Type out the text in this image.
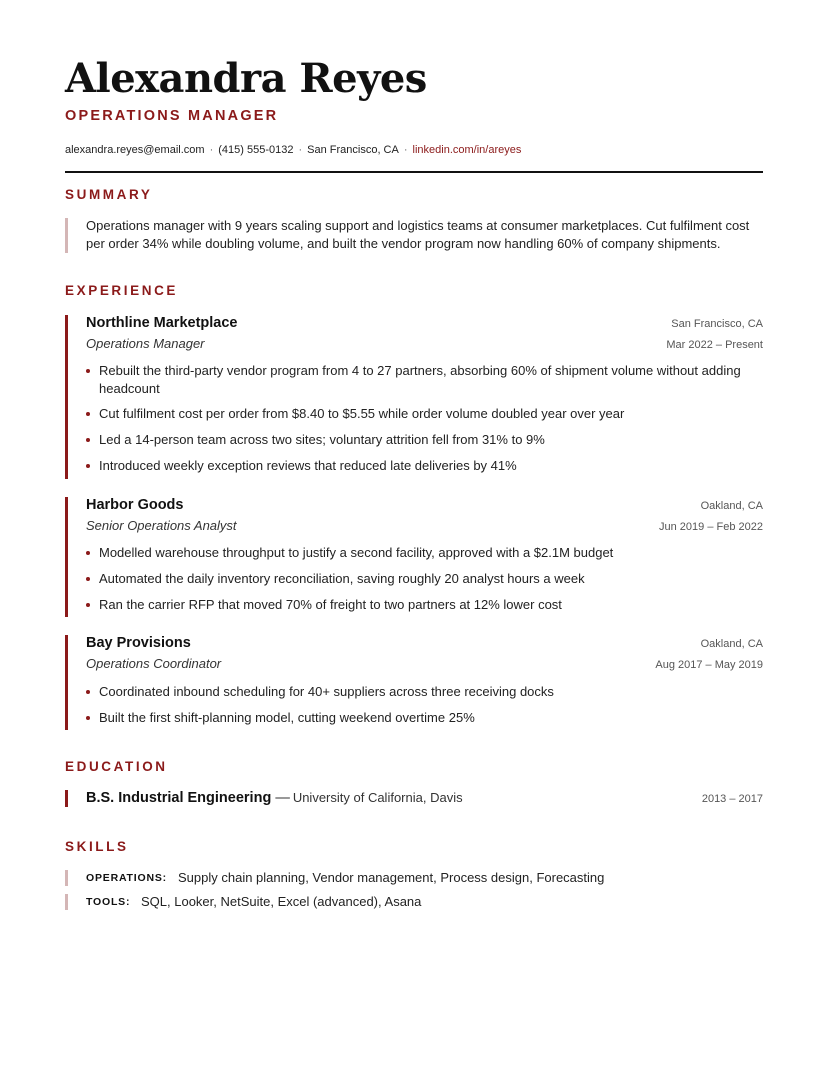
Alexandra Reyes
OPERATIONS MANAGER
alexandra.reyes@email.com · (415) 555-0132 · San Francisco, CA · linkedin.com/in/areyes
SUMMARY
Operations manager with 9 years scaling support and logistics teams at consumer marketplaces. Cut fulfilment cost per order 34% while doubling volume, and built the vendor program now handling 60% of company shipments.
EXPERIENCE
Northline Marketplace	San Francisco, CA
Operations Manager	Mar 2022 – Present
Rebuilt the third-party vendor program from 4 to 27 partners, absorbing 60% of shipment volume without adding headcount
Cut fulfilment cost per order from $8.40 to $5.55 while order volume doubled year over year
Led a 14-person team across two sites; voluntary attrition fell from 31% to 9%
Introduced weekly exception reviews that reduced late deliveries by 41%
Harbor Goods	Oakland, CA
Senior Operations Analyst	Jun 2019 – Feb 2022
Modelled warehouse throughput to justify a second facility, approved with a $2.1M budget
Automated the daily inventory reconciliation, saving roughly 20 analyst hours a week
Ran the carrier RFP that moved 70% of freight to two partners at 12% lower cost
Bay Provisions	Oakland, CA
Operations Coordinator	Aug 2017 – May 2019
Coordinated inbound scheduling for 40+ suppliers across three receiving docks
Built the first shift-planning model, cutting weekend overtime 25%
EDUCATION
B.S. Industrial Engineering — University of California, Davis	2013 – 2017
SKILLS
OPERATIONS: Supply chain planning, Vendor management, Process design, Forecasting
TOOLS: SQL, Looker, NetSuite, Excel (advanced), Asana
